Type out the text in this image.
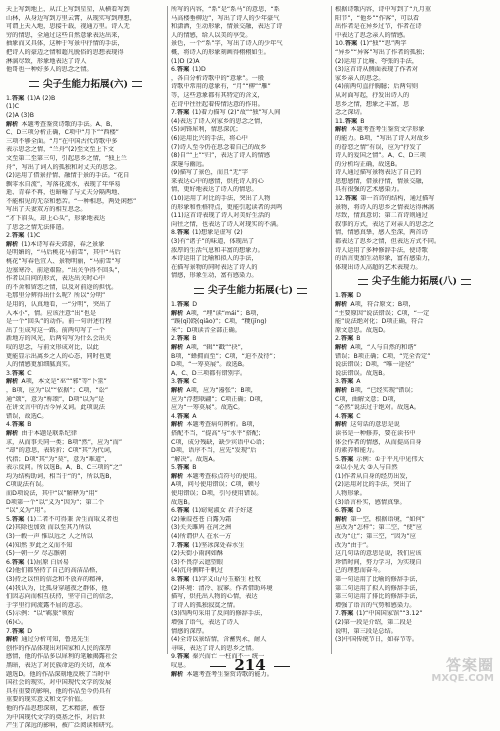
天上写到地上，从江上写到星星，从横看写到
山林，从身边写到万里云霄，从现实写到理想，
可谓上天入地，思接千载，视通万里。诗人无
穷的情思，全通过这些自然意象表达出来，
抽象而又具体，这种于写景中抒情的手法，
把诗人的豪迈之情和超凡脱俗的思想表现得
淋漓尽致，形象地表达了诗人
他哥也一种好多人的思念之情。
尖子生能力拓展(六)
1.答案 (1)A (2)B
(1)C
(2)A (3)B
解析 本题考查鉴赏诗歌的手法。A、B、
C、D三项分析正确，C项中“月下”“西楼”
三项不够全面。“月”在中国古代诗歌中多
表示思念之情，“兰舟”(2)至文至上下文
文至第二至第三句，引起思乡之情，“独上兰
舟”，写出了词人的孤独和对丈夫的思念。
(2)运用了借景抒情、融情于景的手法。“花自
飘零水自流”，写落花流水，表现了年华易
逝、青春不再，也暗喻了与丈夫分隔两地、
不能相见的无奈和愁苦。“一种相思，两处闲愁”
写出了夫妻双方的相互思念。
“才下眉头，却上心头”，形象地表达
了思念之情无法排遣。
2.答案 (1)C
解析 (1)本诗写春天郊游，春之景象
是明媚的，“马后桃花马前雪”，其中“马后
桃花”写春色宜人、景物明丽，“马前雪”写
边塞寒冷、前途艰险。“出关争得不回头”，
作者以自问的形式，表达出关时心中
的不舍和留恋之情，以及对前途的担忧。
毛那里分辨得出什么呢？所以“分明”
是用的，认真地看，一“分明”，突出了
入本小”，情。应该注意“出”也是
是一个“回头”的动作。前一句讲述行程
出了生成写这一路。前两句写了一个
新地方的风光，后两句写为什么会出关
叹的思念，与前文形成对比，以此
更能显示出离乡之人的心态，同时也更
人的情感更加细腻真实。
3.答案 C
解析 A项，本文是“巫”“邪”等“卜筮”
，B项，应为“以”“依据”；C项，“讼”
通“颂”，意为“称颂”，D项“以为”是
在讲文言中的古今异义词。此项说法
错误，故选C。
4.答案 B
解析 由于本题是联系纪律
求，从而事关同一类；B项“然”，应为“而”
“却”的意思，表转折；C项“其”为代词，
代指；D项“其”为“莫”，意为“难道”，
表示反问。所以选B。A、B、C三项的“之”
均为结构助词，相当于“的”，所以选B，
C项说法有误。
而D项说法，其中“以”解释为“用”
D项第一个“以”义为“因为”；第二个
“以”义为“用”。
5.答案 (1)二者不可得兼 舍生而取义者也
(2)其除也加效 而以至其乃所以
(3)一毂一声 惟以远之 人之所以
(4)知然 罗此之义而不知
(5)一朝一夕 尽志骸朝
6.答案 (1)屈原 白居易
(2)他们都坚持了自己的高洁品格，
(3)持之以恒的信念和不放弃的精神，
(4)我认为，比孤身穿越夜之群体，他
们因志向而相互扶持，坚守自己的信念，
于字里行间流露不屈的意志。
(5)示例：“以“羁旅”领衔
(6)心。
7.答案 D
解析 通过分析可知，鲁迅先生
创作的作品体现出对国家和人民的深厚
感情，他的作品多以犀利的笔触揭露社会
黑暗，表达了对民族命运的关切，故本
题选D。他的作品深刻地反映了当时中
国社会的现实，对中国现代文学的发展
具有重要的影响，他的作品至今仍具有
重要的现实意义和文学价值。
他的作品思想深刻，艺术精湛，被誉
为中国现代文学的奠基之作，对后世
产生了深远的影响，被广泛阅读和研究。
所写的内容，“系”是“系马”的意思，“系
马高楼垂柳边”，写出了诗人的少年豪气
和潇洒，生动形象，情景交融，表达了诗
人的情感，给人以美的享受。
景色，一个“系”字，写出了诗人的少年气
概，将诗人的形象刻画得栩栩如生。
(1)D (2)A
6.答案 (1)D
，各自分析诗歌中的“意象”。一般
诗歌中常用的意象有，“月”“柳”“雁”
等，这些意象都有其特定的含义，
在诗中往往起着传情达意的作用。
7.答案 (1)着力描写 (2)“故”“独”写人间
(4)表达了诗人对家乡的思念之情，
(5)词锋犀利，情思深沉；
(6)运用比兴的手法，将心中
(7)诗人至今仍在思念着自己的故乡
(8)自”“上”“归”，表达了诗人的情感
深邃与幽远。
(9)描写了景色，而且“无”字
来表达心中的感情，烘托诗人的心
情，更好地表达了诗人的情思。
(10)运用了对比的手法，突出了人物
的形象和性格特点，更能引起读者的共鸣
(11)这首诗表现了诗人对美好生活的
向往之情，也表达了诗人对现实的不满。
8.答案 (1)想象是虚写 (2)
(3)有“诸子”的味道，体现出了
浓厚的生活气息和丰富的想象力。
本诗运用了比喻和拟人的手法，
在描写景物的同时表达了诗人的
情感，形象生动，富有感染力。
尖子生能力拓展(七)
1.答案 D
解析 A项，“埋”读“mái”；B项，
“蹊(qī)跷(qiāo)”；C项，“粳(jīng)
米”；D项读音全部正确。
2.答案 B
解析 A项，“辑”“戳”“抉”，
B项，“蜂拥而至”；C项，“迫不及待”；
D项，“一筹莫展”。故选B。
A、C、D三项都有错别字。
3.答案 C
解析 A项，应为“嚣张”；B项，
应为“浮想联翩”；C项正确；D项，
应为“一筹莫展”。故选C。
4.答案 A
解析 本题考查病句辨析。B项，
搭配不当，“提高”与“水平”搭配；
C项，成分残缺，缺少宾语中心语；
D项，语序不当，应先“发现”后
“解决”。故选A。
5.答案 B
解析 本题考查标点符号的使用。
A项，问号使用错误；C项，顿号
使用错误；D项，引号使用错误。
故选B。
6.答案 (1)窈窕淑女 君子好逑
(2)蒹葭苍苍 白露为霜
(3)关关雎鸠 在河之洲
(4)所谓伊人 在水一方
7.答案 (1)坚冰深处春水生
(2)天街小雨润如酥
(3)不畏浮云遮望眼
(4)沉舟侧畔千帆过
8.答案 (1)字义山/号玉谿生 杜牧
(2)环境：清冷、寂寥。作者借助环境
描写，烘托出人物的心情，表达
了诗人的孤独寂寞之情。
(3)四两句采用了反问的修辞手法，
增强了语气，表达了诗人
情感的深厚。
(4)全诗以景结情，含蓄隽永，耐人
寻味，表达了诗人的思乡之情。
9.答案 秦兴而亡 一枉而不一 统一
叹息。
解析 本题考查考生鉴赏诗歌的能力。
根据诗歌内容，诗中写到了“九月重
阳节”，“他乡”“作客”，可以看
出作者是在异乡过节，作者在诗
中表达了思念亲人的情感。
10.答案 (1)“独”“思”两字
“异乡”“异客”写出了作者的孤独；
(2)运用了比喻、夸张的手法，
(3)这首诗从侧面表现了作者对
家乡亲人的思念。
(4)前两句直抒胸臆；后两句则
从对面写起，抒发出诗人的
思乡之情，想象之丰富，思
念之深切。
11.答案 B
解析 本题考查考生鉴赏文学形象
的能力。B项，“写出了诗人对故乡
的眷恋之情”有误，应为“抒发了
诗人的爱国之情”。A、C、D三项
的分析均正确，故选B。
诗人通过描写景物表达了自己的
思想感情，借景抒情，情景交融，
具有很强的艺术感染力。
12.答案 第一首诗的结构，通过描写
景物，将诗人的思乡之情表达得淋漓
尽致，情真意切；第二首诗则通过
叙事的方式，表达了对亲人的思念之
情，情感真挚，感人至深，两首诗
都表达了思乡之情，但表达方式不同。
诗人运用了多种修辞手法，使诗歌
的语言更加生动形象，富有感染力，
体现出诗人高超的艺术表现力。
尖子生能力拓展(八)
1.答案 D
解析 A项，符合原文；B项，
“主要原因”说法错误；C项，“一定
能”说法绝对化；D项正确，符合
原文意思。故选D。
2.答案 B
解析 A项，“人与自然的和谐”
错误；B项正确；C项，“完全否定”
说法错误；D项，“唯一途径”
说法错误。故选B。
3.答案 A
解析 B项，“已经实现”错误；
C项，曲解文意；D项，
“必然”说法过于绝对。故选A。
4.答案 C
解析 这句话的意思是说
读书是一种修养，要在读书中
体会作者的情感，从而提高自身
的素养和能力。
5.答案 示例：①于平凡中见伟大
②以小见大 ③人与自然
(1)作者从自身的经历出发，
(2)运用对比的手法，突出了
人物形象。
(3)语言朴实，感情真挚。
6.答案 D
解析 第一空，根据语境，“如何”
应改为“怎样”；第二空，“使”应
改为“让”；第三空，“因为”应
改为“由于”。
这几句话的意思是说，我们应该
珍惜时间，努力学习，为实现自
己的理想而奋斗。
第一句运用了比喻的修辞手法，
第二句运用了拟人的修辞手法，
第三句运用了排比的修辞手法，
增强了语言的气势和感染力。
7.答案 (1)“中国国家馆”“3.12”
(2)第一段是介绍，第二段是
说明，第三段是总结。
(3)中国传统节日，如春节等。
214	答案圈
MXQE.COM
